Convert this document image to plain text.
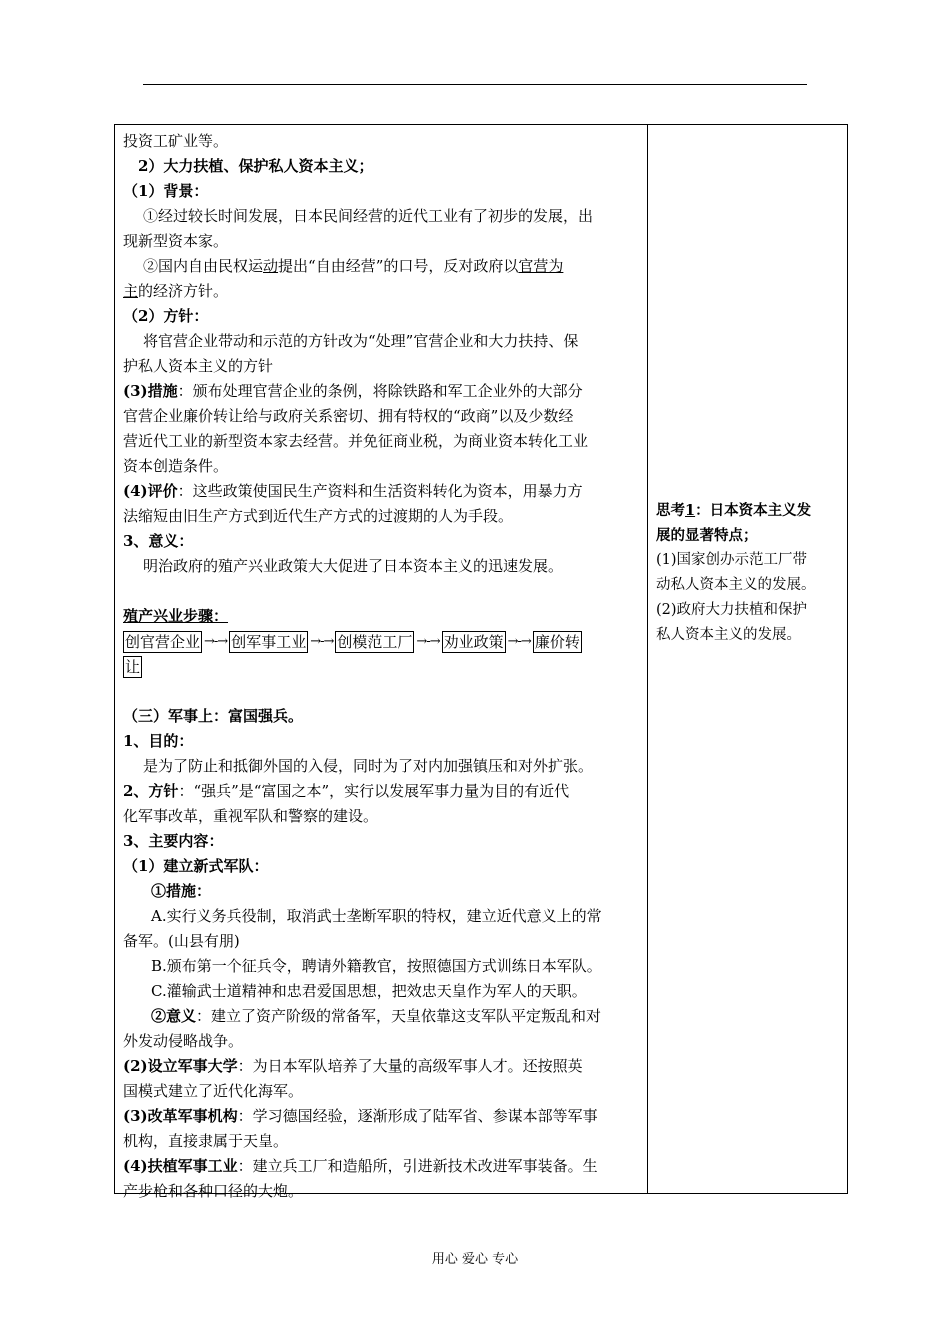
投资工矿业等。
2）大力扶植、保护私人资本主义；
（1）背景：
①经过较长时间发展，日本民间经营的近代工业有了初步的发展，出
现新型资本家。
②国内自由民权运动提出“自由经营”的口号，反对政府以官营为
主的经济方针。
（2）方针：
将官营企业带动和示范的方针改为“处理”官营企业和大力扶持、保
护私人资本主义的方针
(3)措施：颁布处理官营企业的条例，将除铁路和军工企业外的大部分
官营企业廉价转让给与政府关系密切、拥有特权的“政商”以及少数经
营近代工业的新型资本家去经营。并免征商业税，为商业资本转化工业
资本创造条件。
(4)评价：这些政策使国民生产资料和生活资料转化为资本，用暴力方
法缩短由旧生产方式到近代生产方式的过渡期的人为手段。
3、意义：
明治政府的殖产兴业政策大大促进了日本资本主义的迅速发展。
殖产兴业步骤：
创官营企业 →-→ 创军事工业 →-→ 创模范工厂 →-→ 劝业政策 →-→ 廉价转
让
（三）军事上：富国强兵。
1、目的：
是为了防止和抵御外国的入侵，同时为了对内加强镇压和对外扩张。
2、方针：“强兵”是“富国之本”，实行以发展军事力量为目的有近代
化军事改革，重视军队和警察的建设。
3、主要内容：
（1）建立新式军队：
①措施：
A.实行义务兵役制，取消武士垄断军职的特权，建立近代意义上的常
备军。(山县有朋)
B.颁布第一个征兵令，聘请外籍教官，按照德国方式训练日本军队。
C.灌输武士道精神和忠君爱国思想，把效忠天皇作为军人的天职。
②意义：建立了资产阶级的常备军，天皇依靠这支军队平定叛乱和对
外发动侵略战争。
(2)设立军事大学：为日本军队培养了大量的高级军事人才。还按照英
国模式建立了近代化海军。
(3)改革军事机构：学习德国经验，逐渐形成了陆军省、参谋本部等军事
机构，直接隶属于天皇。
(4)扶植军事工业：建立兵工厂和造船所，引进新技术改进军事装备。生
产步枪和各种口径的大炮。
思考1：日本资本主义发
展的显著特点；
(1)国家创办示范工厂带
动私人资本主义的发展。
(2)政府大力扶植和保护
私人资本主义的发展。
用心 爱心 专心
